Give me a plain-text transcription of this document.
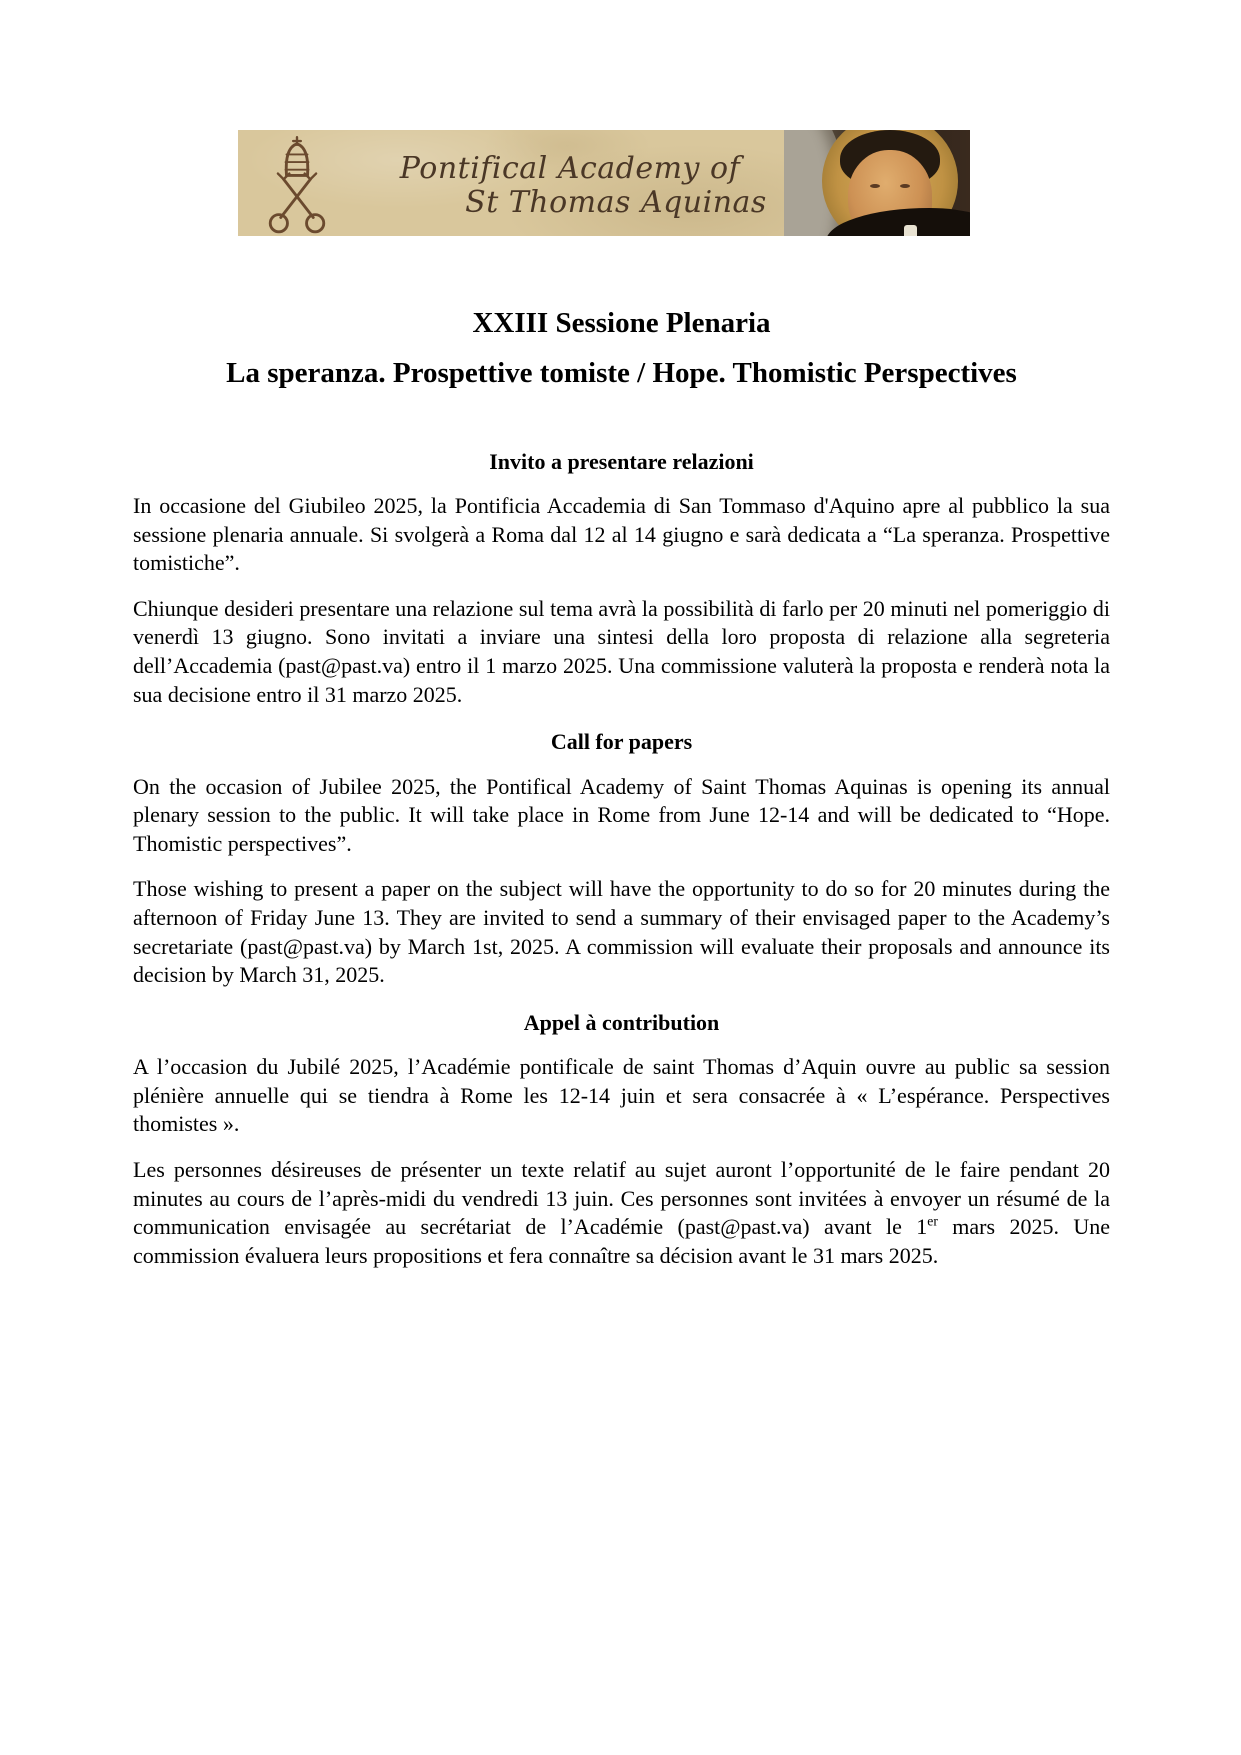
Pontifical Academy of
St Thomas Aquinas
XXIII Sessione Plenaria
La speranza. Prospettive tomiste / Hope. Thomistic Perspectives
Invito a presentare relazioni

In occasione del Giubileo 2025, la Pontificia Accademia di San Tommaso d'Aquino apre al pubblico la sua sessione plenaria annuale. Si svolgerà a Roma dal 12 al 14 giugno e sarà dedicata a “La speranza. Prospettive tomistiche”.

Chiunque desideri presentare una relazione sul tema avrà la possibilità di farlo per 20 minuti nel pomeriggio di venerdì 13 giugno. Sono invitati a inviare una sintesi della loro proposta di relazione alla segreteria dell’Accademia (past@past.va) entro il 1 marzo 2025. Una commissione valuterà la proposta e renderà nota la sua decisione entro il 31 marzo 2025.

Call for papers

On the occasion of Jubilee 2025, the Pontifical Academy of Saint Thomas Aquinas is opening its annual plenary session to the public. It will take place in Rome from June 12-14 and will be dedicated to “Hope. Thomistic perspectives”.

Those wishing to present a paper on the subject will have the opportunity to do so for 20 minutes during the afternoon of Friday June 13. They are invited to send a summary of their envisaged paper to the Academy’s secretariate (past@past.va) by March 1st, 2025. A commission will evaluate their proposals and announce its decision by March 31, 2025.

Appel à contribution

A l’occasion du Jubilé 2025, l’Académie pontificale de saint Thomas d’Aquin ouvre au public sa session plénière annuelle qui se tiendra à Rome les 12-14 juin et sera consacrée à « L’espérance. Perspectives thomistes ».

Les personnes désireuses de présenter un texte relatif au sujet auront l’opportunité de le faire pendant 20 minutes au cours de l’après-midi du vendredi 13 juin. Ces personnes sont invitées à envoyer un résumé de la communication envisagée au secrétariat de l’Académie (past@past.va) avant le 1er mars 2025. Une commission évaluera leurs propositions et fera connaître sa décision avant le 31 mars 2025.
